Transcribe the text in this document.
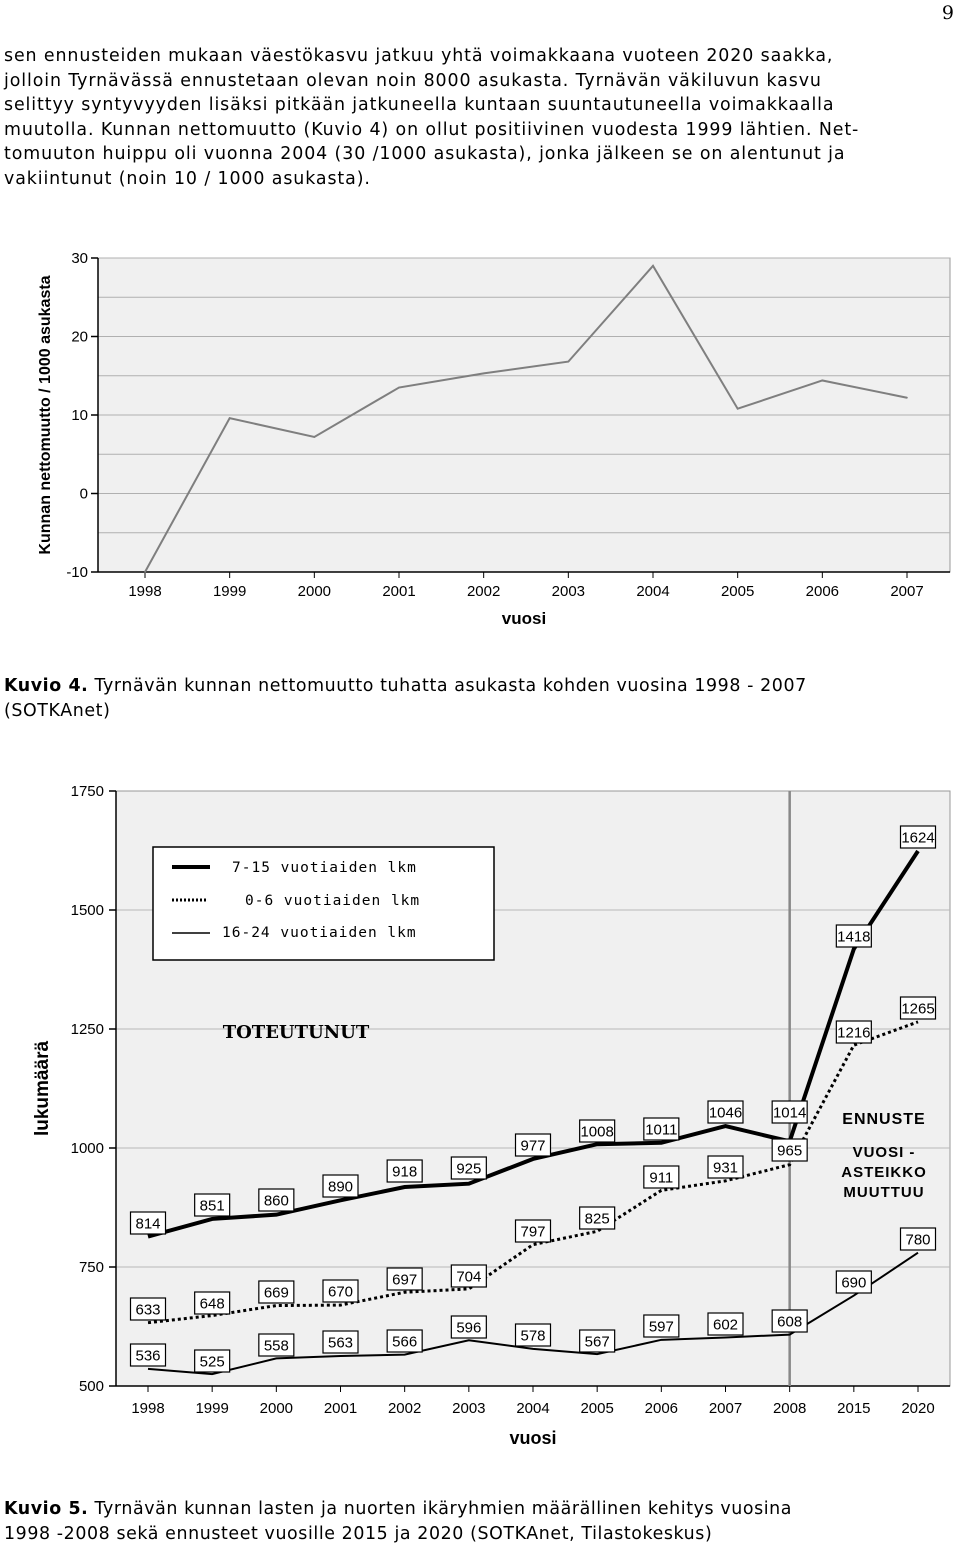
9

sen ennusteiden mukaan väestökasvu jatkuu yhtä voimakkaana vuoteen 2020 saakka,
jolloin Tyrnävässä ennustetaan olevan noin 8000 asukasta. Tyrnävän väkiluvun kasvu
selittyy syntyvyyden lisäksi pitkään jatkuneella kuntaan suuntautuneella voimakkaalla
muutolla. Kunnan nettomuutto (Kuvio 4) on ollut positiivinen vuodesta 1999 lähtien. Net-
tomuuton huippu oli vuonna 2004 (30 /1000 asukasta), jonka jälkeen se on alentunut ja
vakiintunut (noin 10 / 1000 asukasta).

30
20
10
0
-10
1998	1999	2000	2001	2002	2003	2004	2005	2006	2007
vuosi
Kunnan nettomuutto / 1000 asukasta
Kuvio 4. Tyrnävän kunnan nettomuutto tuhatta asukasta kohden vuosina 1998 - 2007
(SOTKAnet)
1750
1500
1250
1000
750
500
1998 1999 2000 2001 2002 2003 2004 2005 2006 2007 2008 2015 2020
814
851	860
890
918	925
977
1008 1011
1046 1014
1418
1624
633	648
669	670
697	704
797
825
911
931
965
1216
1265
536	525
558	563	566
596	578	567
597	602	608
690
780
7-15 vuotiaiden lkm
0-6 vuotiaiden lkm
16-24 vuotiaiden lkm
TOTEUTUNUT
ENNUSTE
VUOSI -
ASTEIKKO
MUUTTUU
vuosi
lukumäärä
Kuvio 5. Tyrnävän kunnan lasten ja nuorten ikäryhmien määrällinen kehitys vuosina
1998 -2008 sekä ennusteet vuosille 2015 ja 2020 (SOTKAnet, Tilastokeskus)
